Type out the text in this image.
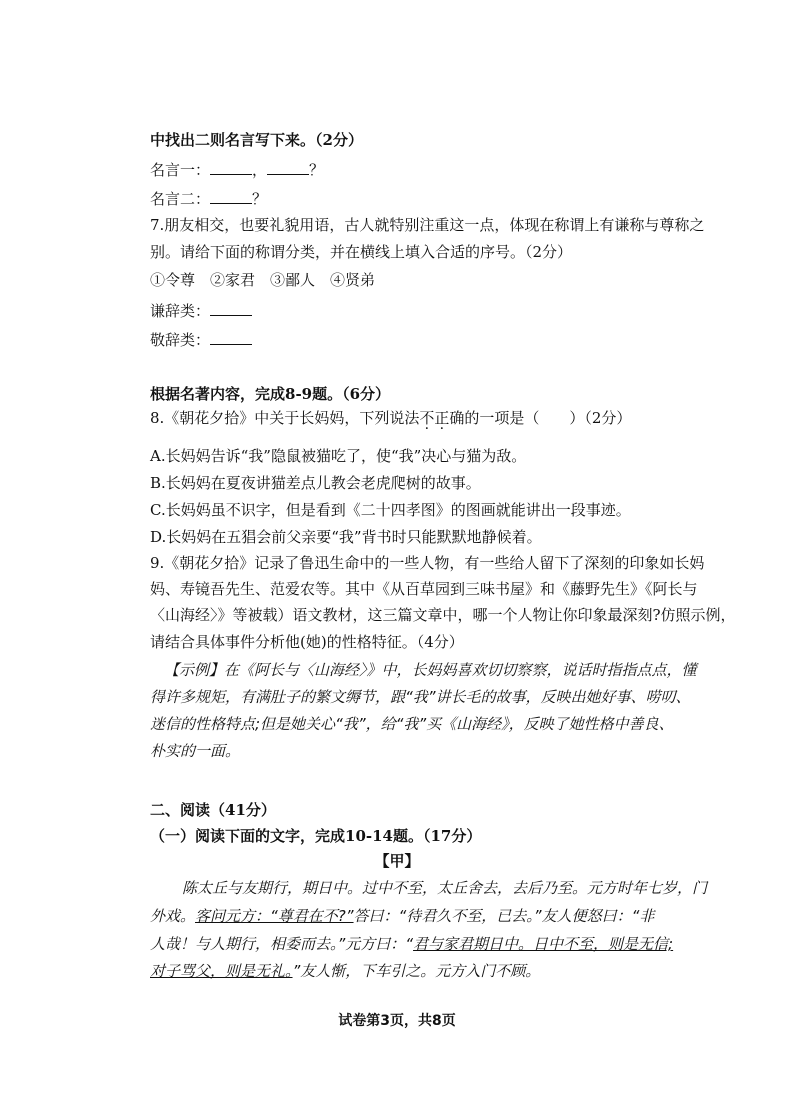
中找出二则名言写下来。（2分）
名言一：	，	？
名言二：	？
7.朋友相交，也要礼貌用语，古人就特别注重这一点，体现在称谓上有谦称与尊称之
别。请给下面的称谓分类，并在横线上填入合适的序号。（2分）
①令尊　②家君　③鄙人　④贤弟
谦辞类：
敬辞类：
根据名著内容，完成8-9题。（6分）
8.《朝花夕拾》中关于长妈妈，下列说法不正确的一项是（　　）（2分）
A.长妈妈告诉“我”隐鼠被猫吃了，使“我”决心与猫为敌。
B.长妈妈在夏夜讲猫差点儿教会老虎爬树的故事。
C.长妈妈虽不识字，但是看到《二十四孝图》的图画就能讲出一段事迹。
D.长妈妈在五猖会前父亲要“我”背书时只能默默地静候着。
9.《朝花夕拾》记录了鲁迅生命中的一些人物，有一些给人留下了深刻的印象如长妈
妈、寿镜吾先生、范爱农等。其中《从百草园到三味书屋》和《藤野先生》《阿长与
〈山海经〉》等被载）语文教材，这三篇文章中，哪一个人物让你印象最深刻?仿照示例，
请结合具体事件分析他(她)的性格特征。（4分）
【示例】在《阿长与〈山海经〉》中，长妈妈喜欢切切察察，说话时指指点点，懂
得许多规矩，有满肚子的繁文缛节，跟“我”讲长毛的故事，反映出她好事、唠叨、
迷信的性格特点;但是她关心“我”，给“我”买《山海经》，反映了她性格中善良、
朴实的一面。
二、阅读（41分）
（一）阅读下面的文字，完成10-14题。（17分）
【甲】
陈太丘与友期行，期日中。过中不至，太丘舍去，去后乃至。元方时年七岁，门
外戏。客问元方：“尊君在不?”答曰：“待君久不至，已去。”友人便怒曰：“非
人哉！与人期行，相委而去。”元方曰：“君与家君期日中。日中不至，则是无信;
对子骂父，则是无礼。”友人惭，下车引之。元方入门不顾。
试卷第3页，共8页
